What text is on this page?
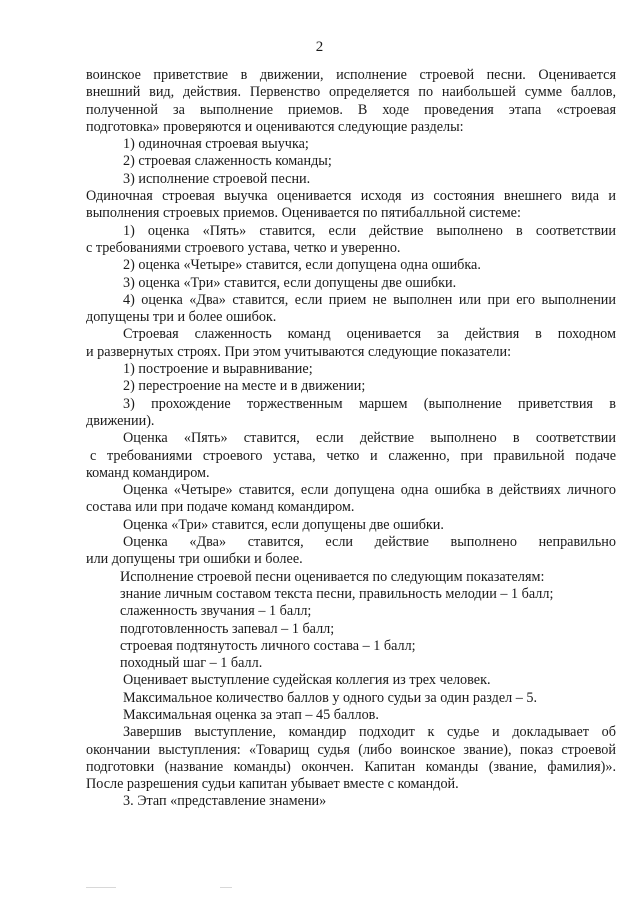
2
воинское приветствие в движении, исполнение строевой песни. Оценивается
внешний вид, действия. Первенство определяется по наибольшей сумме баллов,
полученной за выполнение приемов. В ходе проведения этапа «строевая
подготовка» проверяются и оцениваются следующие разделы:
1) одиночная строевая выучка;
2) строевая слаженность команды;
3) исполнение строевой песни.
Одиночная строевая выучка оценивается исходя из состояния внешнего вида и
выполнения строевых приемов. Оценивается по пятибалльной системе:
1) оценка «Пять» ставится, если действие выполнено в соответствии
с требованиями строевого устава, четко и уверенно.
2) оценка «Четыре» ставится, если допущена одна ошибка.
3) оценка «Три» ставится, если допущены две ошибки.
4) оценка «Два» ставится, если прием не выполнен или при его выполнении
допущены три и более ошибок.
Строевая слаженность команд оценивается за действия в походном
и развернутых строях. При этом учитываются следующие показатели:
1) построение и выравнивание;
2) перестроение на месте и в движении;
3) прохождение торжественным маршем (выполнение приветствия в
движении).
Оценка «Пять» ставится, если действие выполнено в соответствии
с требованиями строевого устава, четко и слаженно, при правильной подаче
команд командиром.
Оценка «Четыре» ставится, если допущена одна ошибка в действиях личного
состава или при подаче команд командиром.
Оценка «Три» ставится, если допущены две ошибки.
Оценка «Два» ставится, если действие выполнено неправильно
или допущены три ошибки и более.
Исполнение строевой песни оценивается по следующим показателям:
знание личным составом текста песни, правильность мелодии – 1 балл;
слаженность звучания – 1 балл;
подготовленность запевал – 1 балл;
строевая подтянутость личного состава – 1 балл;
походный шаг – 1 балл.
Оценивает выступление судейская коллегия из трех человек.
Максимальное количество баллов у одного судьи за один раздел – 5.
Максимальная оценка за этап – 45 баллов.
Завершив выступление, командир подходит к судье и докладывает об
окончании выступления: «Товарищ судья (либо воинское звание), показ строевой
подготовки (название команды) окончен. Капитан команды (звание, фамилия)».
После разрешения судьи капитан убывает вместе с командой.
3. Этап «представление знамени»
